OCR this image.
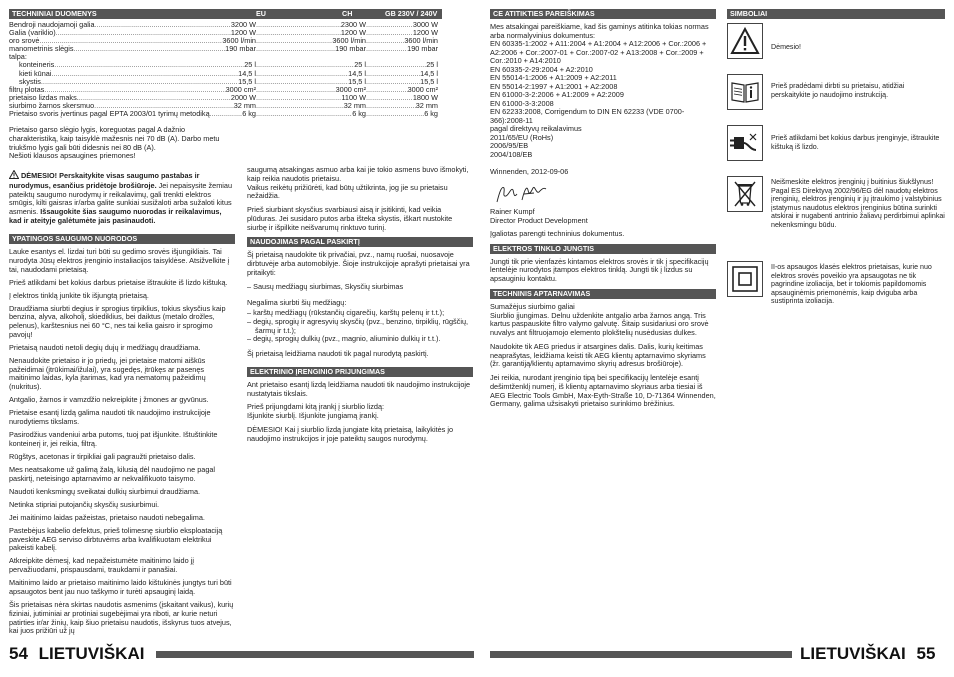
TECHNINIAI DUOMENYS	EU	CH	GB 230V / 240V
Bendroji naudojamoji galia .....	3200 W .....	2300 W .....	3000 W
Galia (variklio) .....	1200 W .....	1200 W .....	1200 W
oro srovė .....	3600 l/min .....	3600 l/min .....	3600 l/min
manometrinis slėgis .....	190 mbar .....	190 mbar .....	190 mbar
talpa:
konteineris .....	25 l .....	25 l .....	25 l
kieti kūnai .....	14,5 l .....	14,5 l .....	14,5 l
skystis .....	15,5 l .....	15,5 l .....	15,5 l
filtrų plotas .....	3000 cm² .....	3000 cm² .....	3000 cm²
prietaiso lizdas maks. .....	2000 W .....	1100 W .....	1800 W
siurbimo žarnos skersmuo .....	32 mm .....	32 mm .....	32 mm
Prietaiso svoris įvertinus pagal EPTA 2003/01 tyrimų metodiką .....	6 kg .....	6 kg .....	6 kg

Prietaiso garso slėgio lygis, koreguotas pagal A dažnio charakteristiką, kaip taisyklė mažesnis nei 70 dB (A). Darbo metu triukšmo lygis gali būti didesnis nei 80 dB (A).

Nešioti klausos apsaugines priemones!

DĖMESIO! Perskaitykite visas saugumo pastabas ir nurodymus, esančius pridėtoje brošiūroje. Jei nepaisysite žemiau pateiktų saugumo nurodymų ir reikalavimų, gali trenkti elektros smūgis, kilti gaisras ir/arba galite sunkiai susižaloti arba sužaloti kitus asmenis. Išsaugokite šias saugumo nuorodas ir reikalavimus, kad ir ateityje galėtumėte jais pasinaudoti.

YPATINGOS SAUGUMO NUORODOS

Lauke esantys el. lizdai turi būti su gedimo srovės išjungikliais. Tai nurodyta Jūsų elektros įrenginio instaliacijos taisyklėse. Atsižvelkite į tai, naudodami prietaisą.

Prieš atlikdami bet kokius darbus prietaise ištraukite iš lizdo kištuką.

Į elektros tinklą junkite tik išjungtą prietaisą.

Draudžiama siurbti degius ir sprogius tirpiklius, tokius skysčius kaip benzina, alyva, alkoholį, skiediklius, bei daiktus (metalo drožles, pelenus), karštesnius nei 60 °C, nes tai kelia gaisro ir sprogimo pavojų!

Prietaisą naudoti netoli degių dujų ir medžiagų draudžiama.

Nenaudokite prietaiso ir jo priedų, jei prietaise matomi aiškūs pažeidimai (įtrūkimai/ižulai), yra sugedęs, įtrūkęs ar pasenęs maitinimo laidas, kyla įtarimas, kad yra nematomų pažeidimų (nukritus).

Antgalio, žarnos ir vamzdžio nekreipkite į žmones ar gyvūnus.

Prietaise esantį lizdą galima naudoti tik naudojimo instrukcijoje nurodytiems tikslams.

Pasirodžius vandeniui arba putoms, tuoj pat išjunkite. Ištuštinkite konteinerį ir, jei reikia, filtrą.

Rūgštys, acetonas ir tirpikliai gali pagraužti prietaiso dalis.

Mes neatsakome už galimą žalą, kilusią dėl naudojimo ne pagal paskirtį, neteisingo aptarnavimo ar nekvalifikuoto taisymo.

Naudoti kenksmingų sveikatai dulkių siurbimui draudžiama.

Netinka stipriai putojančių skysčių susiurbimui.

Jei maitinimo laidas pažeistas, prietaiso naudoti nebegalima.

Pastebėjus kabelio defektus, prieš tolimesnę siurblio eksploataciją paveskite AEG serviso dirbtuvėms arba kvalifikuotam elektrikui pakeisti kabelį.

Atkreipkite dėmesį, kad nepažeistumėte maitinimo laido jį pervažiuodami, prispausdami, traukdami ir panašiai.

Maitinimo laido ar prietaiso maitinimo laido kištukinės jungtys turi būti apsaugotos bent jau nuo taškymo ir turėti apsauginį laidą.

Šis prietaisas nėra skirtas naudotis asmenims (įskaitant vaikus), kurių fiziniai, jutiminiai ar protiniai sugebėjimai yra riboti, ar kurie neturi patirties ir/ar žinių, kaip šiuo prietaisu naudotis, išskyrus tuos atvejus, kai juos prižiūri už jų

saugumą atsakingas asmuo arba kai jie tokio asmens buvo išmokyti, kaip reikia naudotis prietaisu.
Vaikus reikėtų prižiūrėti, kad būtų užtikrinta, jog jie su prietaisu nežaidžia.

Prieš siurbiant skysčius svarbiausi aisą ir įsitikinti, kad veikia plūduras. Jei susidaro putos arba išteka skystis, iškart nustokite siurbę ir išpilkite neišvarumų rinktuvo turinį.

NAUDOJIMAS PAGAL PASKIRTĮ

Šį prietaisą naudokite tik privačiai, pvz., namų ruošai, nuosavoje dirbtuvėje arba automobilyje. Šioje instrukcijoje aprašyti prietaisai yra pritaikyti:

– Sausų medžiagų siurbimas, Skysčių siurbimas

Negalima siurbti šių medžiagų:

– karštų medžiagų (rūkstančių cigarečių, karštų pelenų ir t.t.);
– degių, sprogių ir agresyvių skysčių (pvz., benzino, tirpiklių, rūgščių, šarmų ir t.t.);
– degių, sprogių dulkių (pvz., magnio, aliuminio dulkių ir t.t.).

Šį prietaisą leidžiama naudoti tik pagal nurodytą paskirtį.

ELEKTRINIO ĮRENGINIO PRIJUNGIMAS

Ant prietaiso esantį lizdą leidžiama naudoti tik naudojimo instrukcijoje nustatytais tikslais.

Prieš prijungdami kitą įrankį į siurblio lizdą:
Išjunkite siurblį. Išjunkite jungiamą įrankį.

DĖMESIO! Kai į siurblio lizdą jungiate kitą prietaisą, laikykitės jo naudojimo instrukcijos ir joje pateiktų saugos nurodymų.

CE ATITIKTIES PAREIŠKIMAS

Mes atsakingai pareiškiame, kad šis gaminys atitinka tokias normas arba normalyvinius dokumentus:
EN 60335-1:2002 + A11:2004 + A1:2004 + A12:2006 + Cor.:2006 + A2:2006 + Cor.:2007-01 + Cor.:2007-02 + A13:2008 + Cor.:2009 + Cor.:2010 + A14:2010
EN 60335-2-29:2004 + A2:2010
EN 55014-1:2006 + A1:2009 + A2:2011
EN 55014-2:1997 + A1:2001 + A2:2008
EN 61000-3-2:2006 + A1:2009 + A2:2009
EN 61000-3-3:2008
EN 62233:2008, Corrigendum to DIN EN 62233 (VDE 0700-366):2008-11
pagal direktyvų reikalavimus
2011/65/EU (RoHs)
2006/95/EB
2004/108/EB

Winnenden, 2012-09-06

Rainer Kumpf
Director Product Development

Įgaliotas parengti techninius dokumentus.

ELEKTROS TINKLO JUNGTIS

Jungti tik prie vienfazės kintamos elektros srovės ir tik į specifikacijų lentelėje nurodytos įtampos elektros tinklą. Jungti tik į lizdus su apsauginiu kontaktu.

TECHNINIS APTARNAVIMAS

Sumažėjus siurbimo galiai
Siurblio įjungimas. Delnu uždenkite antgalio arba žarnos angą. Tris kartus paspauskite filtro valymo galvutę. Šitaip susidariusi oro srovė nuvalys ant filtruojamojo elemento plokštelių nusėdusias dulkes.

Naudokite tik AEG priedus ir atsargines dalis. Dalis, kurių keitimas neaprašytas, leidžiama keisti tik AEG klientų aptarnavimo skyriams (žr. garantiją/klientų aptarnavimo skyrių adresus brošiūroje).

Jei reikia, nurodant įrenginio tipą bei specifikacijų lentelėje esantį dešimtženklį numerį, iš klientų aptarnavimo skyriaus arba tiesiai iš AEG Electric Tools GmbH, Max-Eyth-Straße 10, D-71364 Winnenden, Germany, galima užsisakyti prietaiso surinkimo brėžinius.

SIMBOLIAI
Dėmesio!
Prieš pradėdami dirbti su prietaisu, atidžiai perskaitykite jo naudojimo instrukciją.
Prieš atlikdami bet kokius darbus įrenginyje, ištraukite kištuką iš lizdo.
Neišmeskite elektros įrenginių į buitinius šiukšlynus! Pagal ES Direktyvą 2002/96/EG dėl naudotų elektros įrenginių, elektros įrenginių ir jų įtraukimo į valstybinius įstatymus naudotus elektros įrenginius būtina surinkti atskirai ir nugabenti antrinio žaliavų perdirbimui aplinkai nekenksmingu būdu.
II-os apsaugos klasės elektros prietaisas, kurie nuo elektros srovės poveikio yra apsaugotas ne tik pagrindine izoliacija, bet ir tokiomis papildomomis apsauginėmis priemonėmis, kaip dviguba arba sustiprinta izoliacija.
54 LIETUVIŠKAI	LIETUVIŠKAI 55
